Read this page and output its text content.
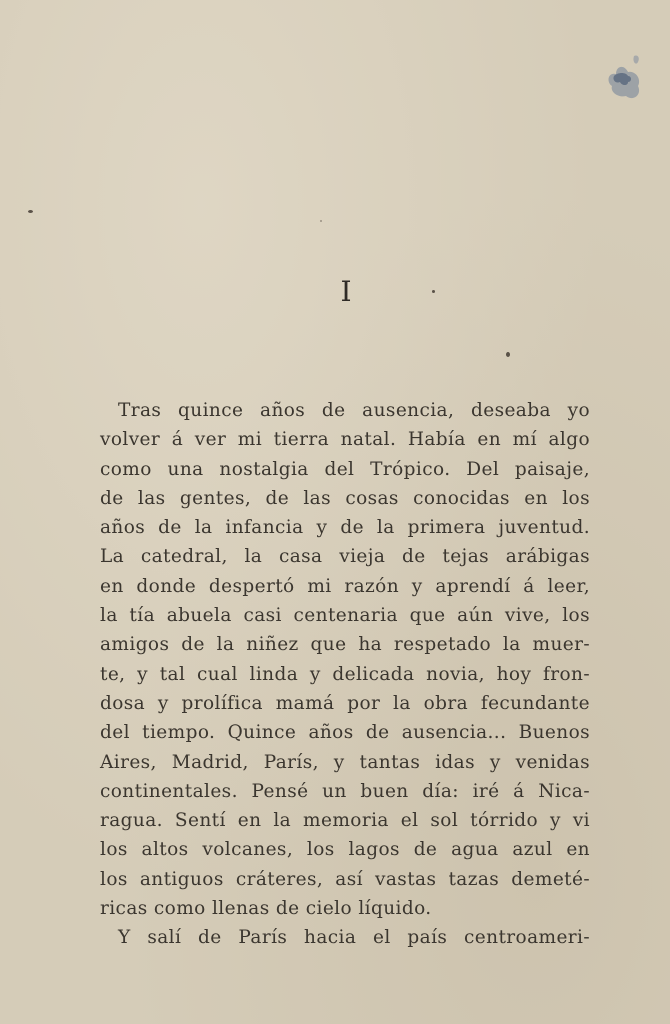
I
Tras quince años de ausencia, deseaba yo
volver á ver mi tierra natal. Había en mí algo
como una nostalgia del Trópico. Del paisaje,
de las gentes, de las cosas conocidas en los
años de la infancia y de la primera juventud.
La catedral, la casa vieja de tejas arábigas
en donde despertó mi razón y aprendí á leer,
la tía abuela casi centenaria que aún vive, los
amigos de la niñez que ha respetado la muer-
te, y tal cual linda y delicada novia, hoy fron-
dosa y prolífica mamá por la obra fecundante
del tiempo. Quince años de ausencia... Buenos
Aires, Madrid, París, y tantas idas y venidas
continentales. Pensé un buen día: iré á Nica-
ragua. Sentí en la memoria el sol tórrido y vi
los altos volcanes, los lagos de agua azul en
los antiguos cráteres, así vastas tazas demeté-
ricas como llenas de cielo líquido.
Y salí de París hacia el país centroameri-
